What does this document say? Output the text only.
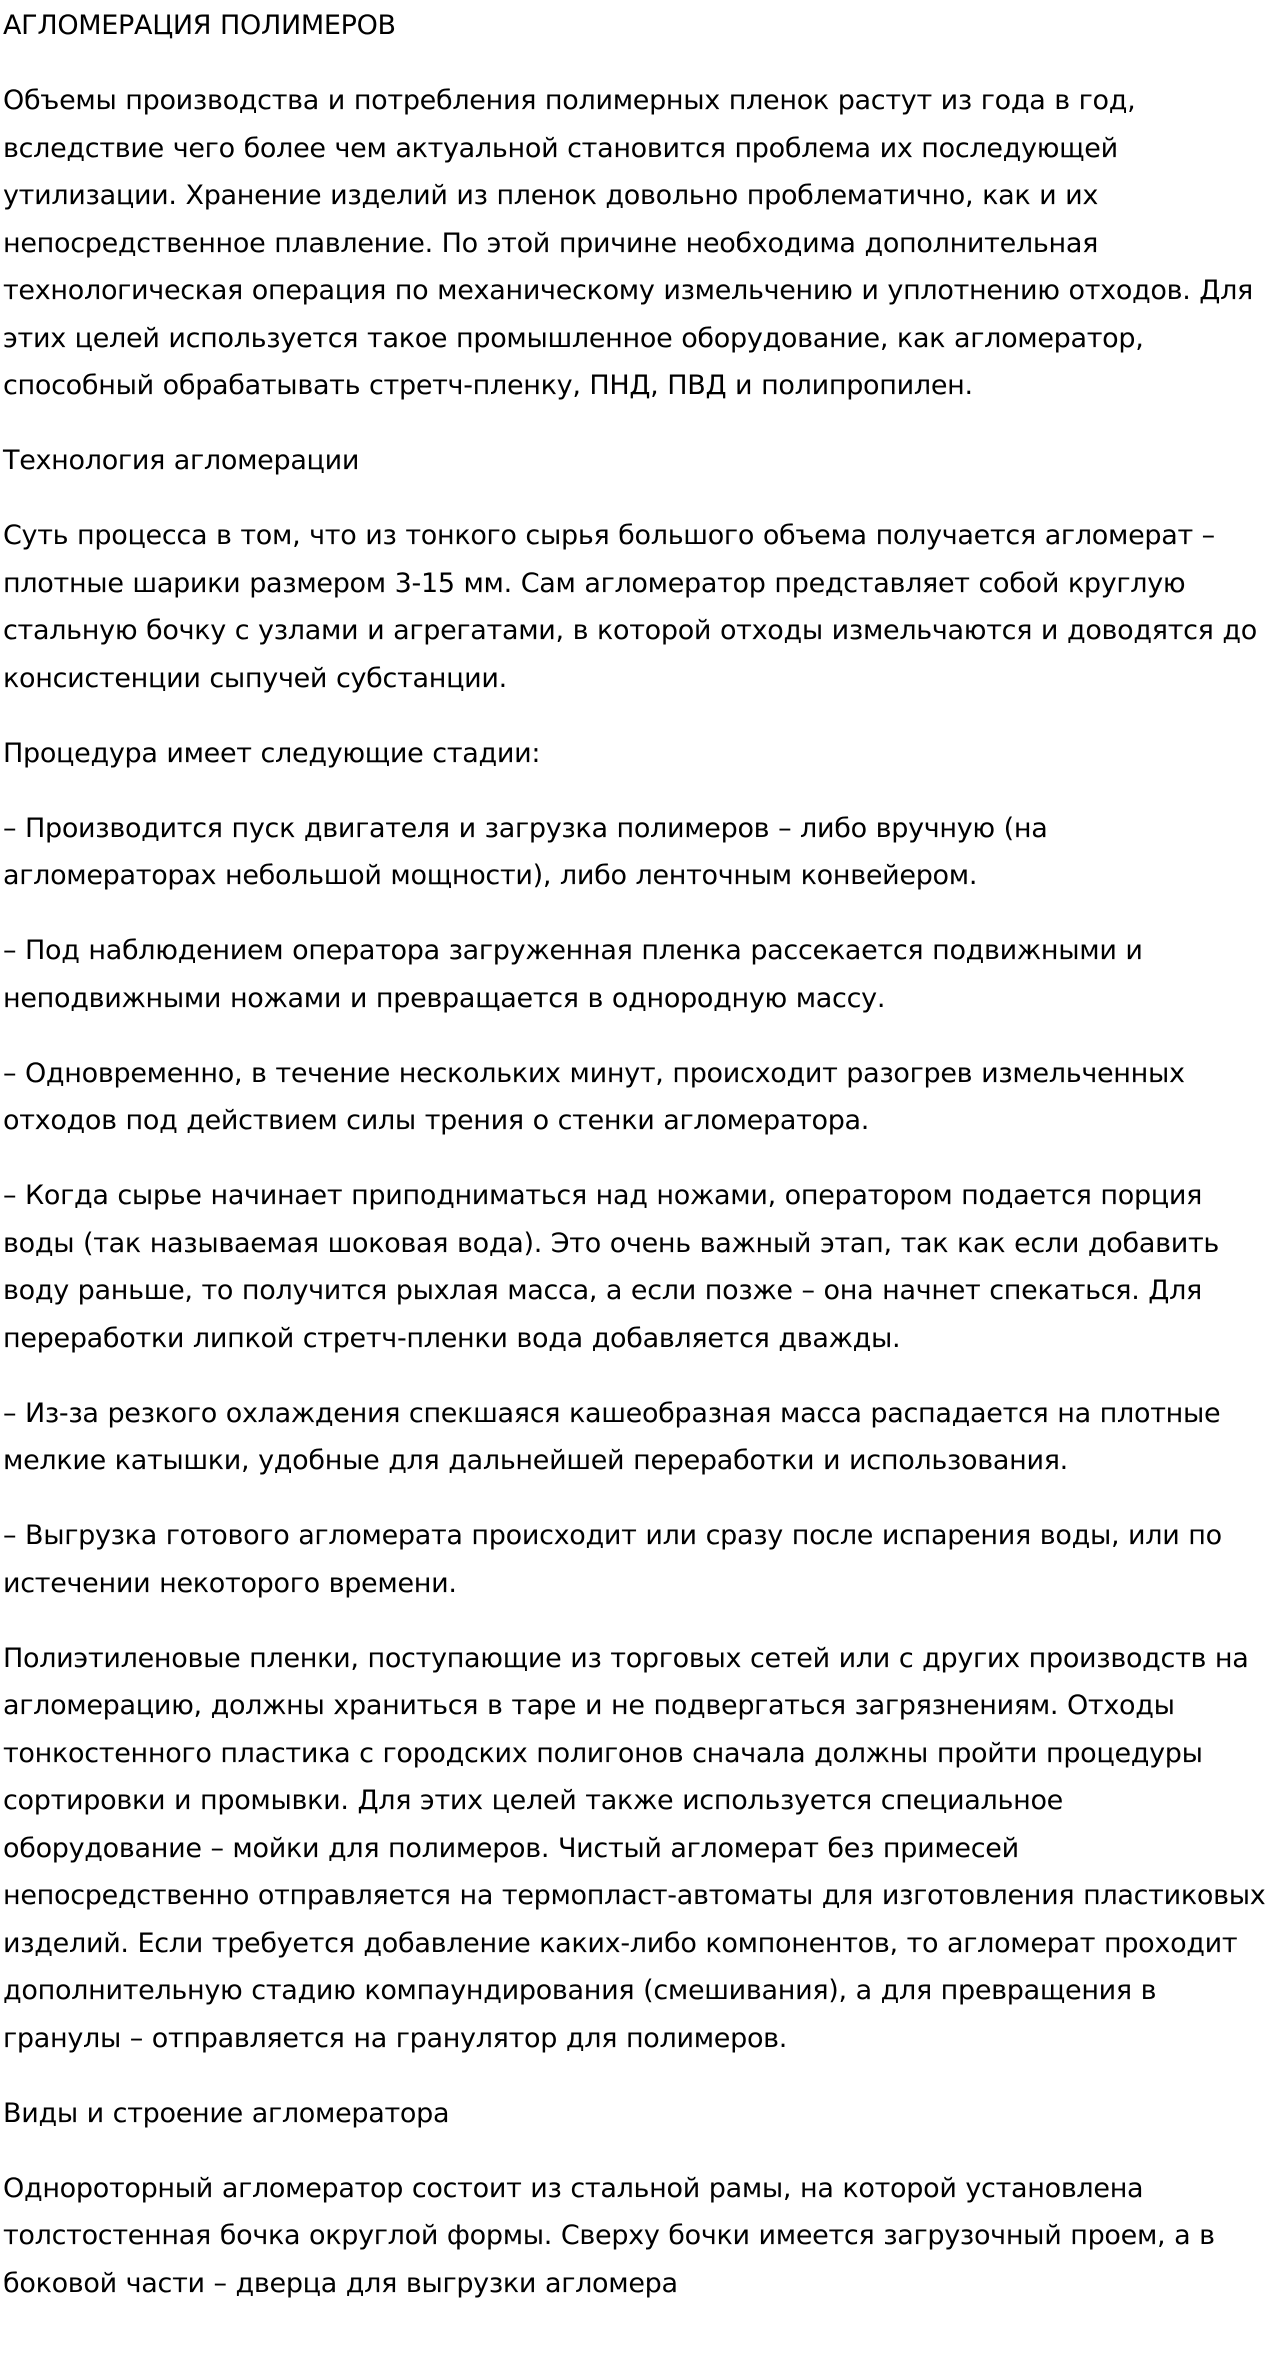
АГЛОМЕРАЦИЯ ПОЛИМЕРОВ

Объемы производства и потребления полимерных пленок растут из года в год, вследствие чего более чем актуальной становится проблема их последующей утилизации. Хранение изделий из пленок довольно проблематично, как и их непосредственное плавление. По этой причине необходима дополнительная технологическая операция по механическому измельчению и уплотнению отходов. Для этих целей используется такое промышленное оборудование, как агломератор, способный обрабатывать стретч-пленку, ПНД, ПВД и полипропилен.

Технология агломерации

Суть процесса в том, что из тонкого сырья большого объема получается агломерат – плотные шарики размером 3-15 мм. Сам агломератор представляет собой круглую стальную бочку с узлами и агрегатами, в которой отходы измельчаются и доводятся до консистенции сыпучей субстанции.

Процедура имеет следующие стадии:

– Производится пуск двигателя и загрузка полимеров – либо вручную (на агломераторах небольшой мощности), либо ленточным конвейером.

– Под наблюдением оператора загруженная пленка рассекается подвижными и неподвижными ножами и превращается в однородную массу.

– Одновременно, в течение нескольких минут, происходит разогрев измельченных отходов под действием силы трения о стенки агломератора.

– Когда сырье начинает приподниматься над ножами, оператором подается порция воды (так называемая шоковая вода). Это очень важный этап, так как если добавить воду раньше, то получится рыхлая масса, а если позже – она начнет спекаться. Для переработки липкой стретч-пленки вода добавляется дважды.

– Из-за резкого охлаждения спекшаяся кашеобразная масса распадается на плотные мелкие катышки, удобные для дальнейшей переработки и использования.

– Выгрузка готового агломерата происходит или сразу после испарения воды, или по истечении некоторого времени.

Полиэтиленовые пленки, поступающие из торговых сетей или с других производств на агломерацию, должны храниться в таре и не подвергаться загрязнениям. Отходы тонкостенного пластика с городских полигонов сначала должны пройти процедуры сортировки и промывки. Для этих целей также используется специальное оборудование – мойки для полимеров. Чистый агломерат без примесей непосредственно отправляется на термопласт-автоматы для изготовления пластиковых изделий. Если требуется добавление каких-либо компонентов, то агломерат проходит дополнительную стадию компаундирования (смешивания), а для превращения в гранулы – отправляется на гранулятор для полимеров.

Виды и строение агломератора

Однороторный агломератор состоит из стальной рамы, на которой установлена толстостенная бочка округлой формы. Сверху бочки имеется загрузочный проем, а в боковой части – дверца для выгрузки агломера
